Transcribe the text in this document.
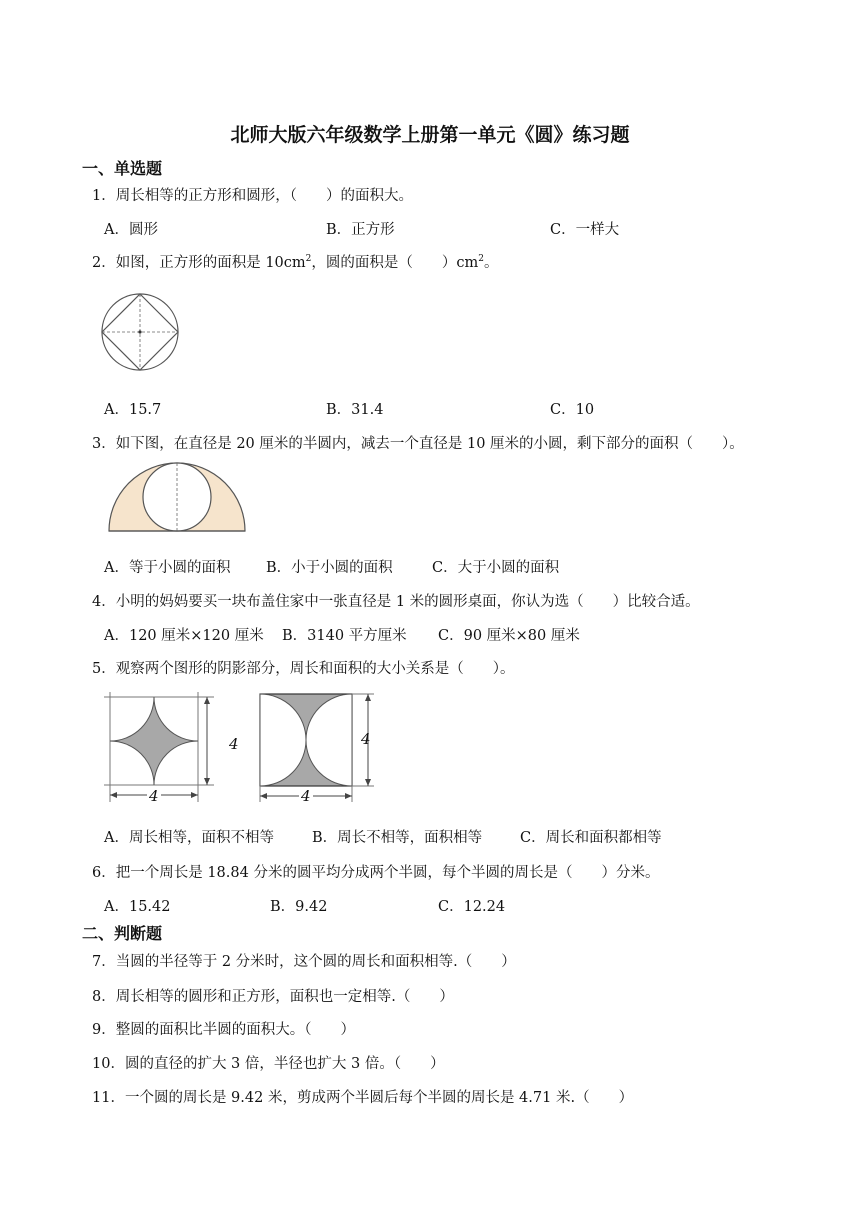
北师大版六年级数学上册第一单元《圆》练习题
一、单选题
1．周长相等的正方形和圆形，（　　）的面积大。
A．圆形	B．正方形	C．一样大
2．如图，正方形的面积是 $10cm^2$，圆的面积是（　　）$cm^2$。
A．15.7	B．31.4	C．10
3．如下图，在直径是 20 厘米的半圆内，减去一个直径是 10 厘米的小圆，剩下部分的面积（　　）。
A．等于小圆的面积 B．小于小圆的面积	C．大于小圆的面积
4．小明的妈妈要买一块布盖住家中一张直径是 1 米的圆形桌面，你认为选（　　）比较合适。
A．120 厘米×120 厘米 B．3140 平方厘米 C．90 厘米×80 厘米
5．观察两个图形的阴影部分，周长和面积的大小关系是（　　）。
4
4
4
4
A．周长相等，面积不相等	B．周长不相等，面积相等	C．周长和面积都相等
6．把一个周长是 18.84 分米的圆平均分成两个半圆，每个半圆的周长是（　　）分米。
A．15.42	B．9.42	C．12.24
二、判断题
7．当圆的半径等于 2 分米时，这个圆的周长和面积相等.（　　）
8．周长相等的圆形和正方形，面积也一定相等.（　　）
9．整圆的面积比半圆的面积大。（　　）
10．圆的直径的扩大 3 倍，半径也扩大 3 倍。（　　）
11．一个圆的周长是 9.42 米，剪成两个半圆后每个半圆的周长是 4.71 米.（　　）
